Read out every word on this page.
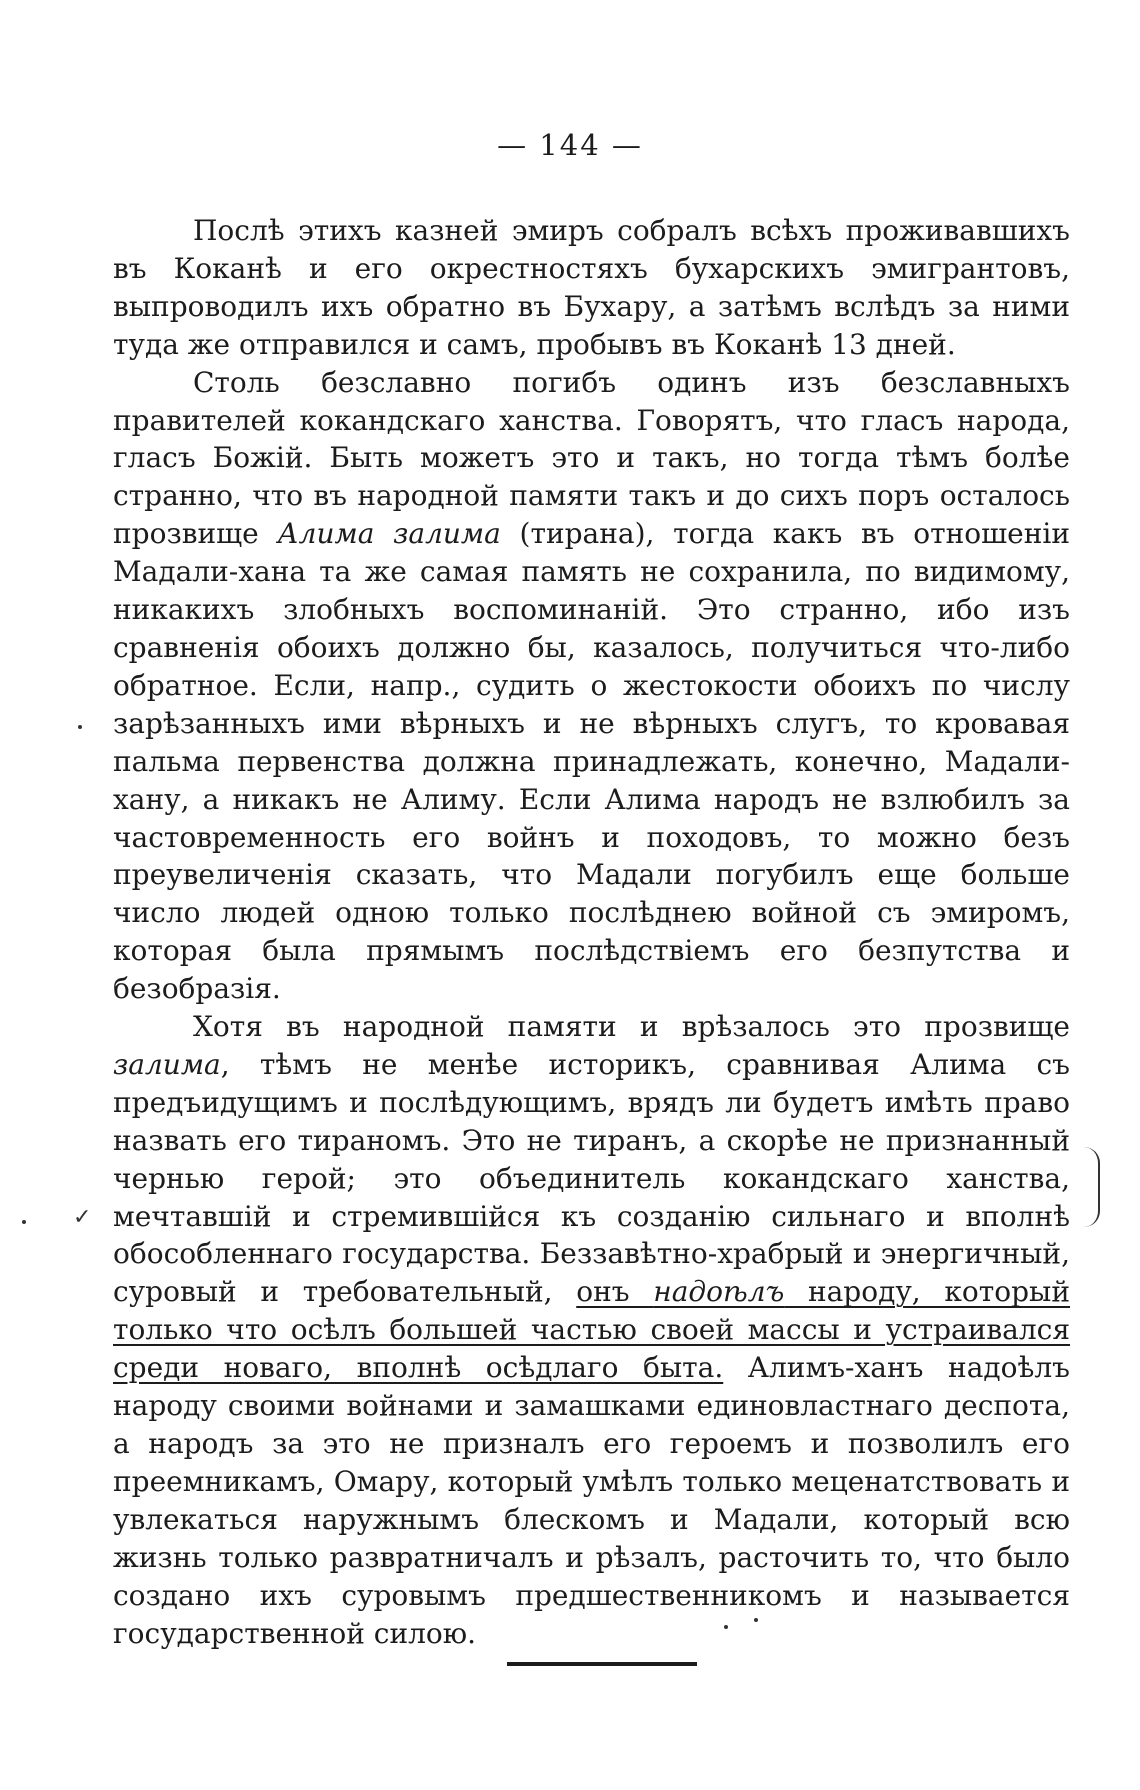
— 144 —

Послѣ этихъ казней эмиръ собралъ всѣхъ проживавшихъ въ Коканѣ и его окрестностяхъ бухарскихъ эмигрантовъ, выпроводилъ ихъ обратно въ Бухару, а затѣмъ вслѣдъ за ними туда же отправился и самъ, пробывъ въ Коканѣ 13 дней.

Столь безславно погибъ одинъ изъ безславныхъ правителей кокандскаго ханства. Говорятъ, что гласъ народа, гласъ Божій. Быть можетъ это и такъ, но тогда тѣмъ болѣе странно, что въ народной памяти такъ и до сихъ поръ осталось прозвище Алима залима (тирана), тогда какъ въ отношеніи Мадали-хана та же самая память не сохранила, по видимому, никакихъ злобныхъ воспоминаній. Это странно, ибо изъ сравненія обоихъ должно бы, казалось, получиться что-либо обратное. Если, напр., судить о жестокости обоихъ по числу зарѣзанныхъ ими вѣрныхъ и не вѣрныхъ слугъ, то кровавая пальма первенства должна принадлежать, конечно, Мадали-хану, а никакъ не Алиму. Если Алима народъ не взлюбилъ за частовременность его войнъ и походовъ, то можно безъ преувеличенія сказать, что Мадали погубилъ еще больше число людей одною только послѣднею войной съ эмиромъ, которая была прямымъ послѣдствіемъ его безпутства и безобразія.

Хотя въ народной памяти и врѣзалось это прозвище залима, тѣмъ не менѣе историкъ, сравнивая Алима съ предъидущимъ и послѣдующимъ, врядъ ли будетъ имѣть право назвать его тираномъ. Это не тиранъ, а скорѣе не признанный чернью герой; это объединитель кокандскаго ханства, мечтавшій и стремившійся къ созданію сильнаго и вполнѣ обособленнаго государства. Беззавѣтно-храбрый и энергичный, суровый и требовательный, онъ надоѣлъ народу, который только что осѣлъ большей частью своей массы и устраивался среди новаго, вполнѣ осѣдлаго быта. Алимъ-ханъ надоѣлъ народу своими войнами и замашками единовластнаго деспота, а народъ за это не призналъ его героемъ и позволилъ его преемникамъ, Омару, который умѣлъ только меценатствовать и увлекаться наружнымъ блескомъ и Мадали, который всю жизнь только развратничалъ и рѣзалъ, расточить то, что было создано ихъ суровымъ предшественникомъ и называется государственной силою.

✓
